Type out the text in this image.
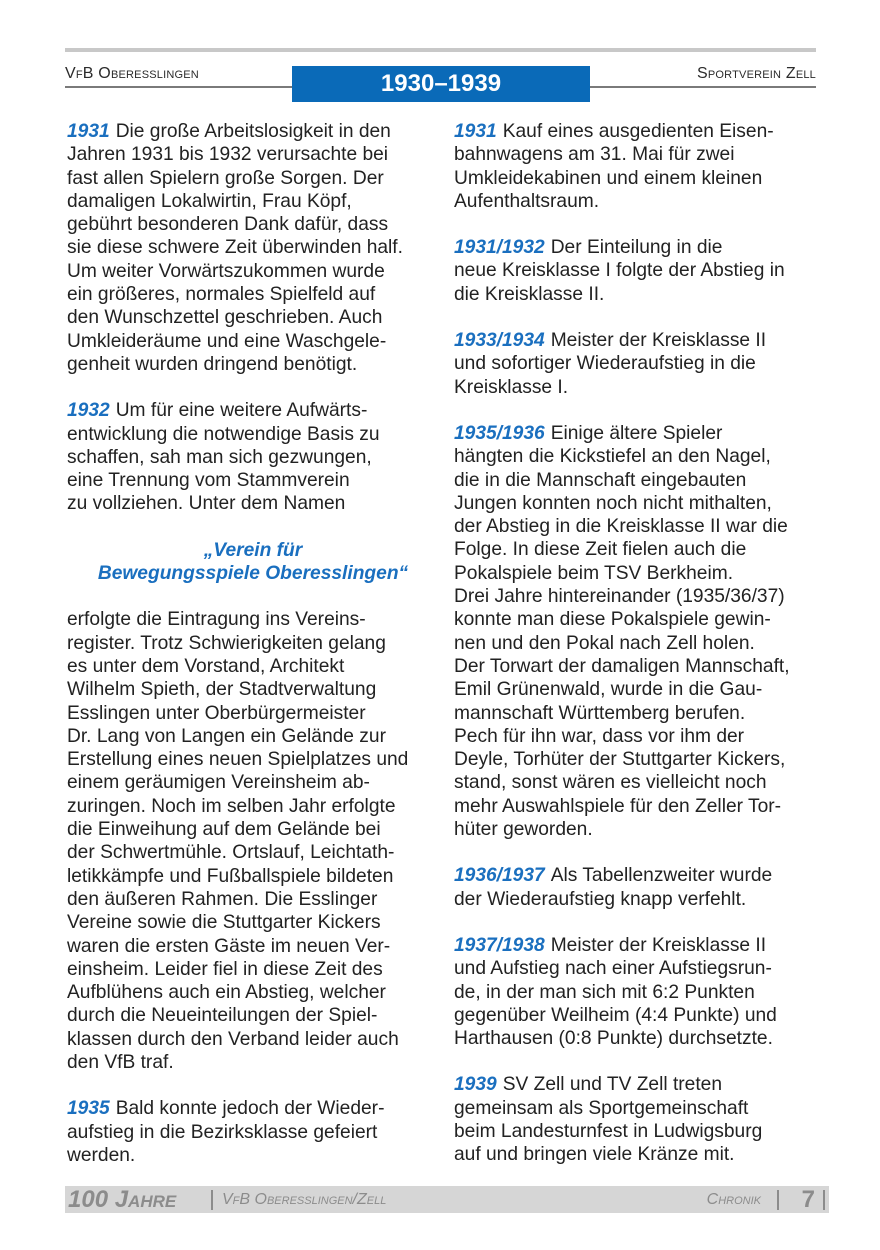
VfB Oberesslingen	1930–1939	Sportverein Zell
1931 Die große Arbeitslosigkeit in den
Jahren 1931 bis 1932 verursachte bei
fast allen Spielern große Sorgen. Der
damaligen Lokalwirtin, Frau Köpf,
gebührt besonderen Dank dafür, dass
sie diese schwere Zeit überwinden half.
Um weiter Vorwärtszukommen wurde
ein größeres, normales Spielfeld auf
den Wunschzettel geschrieben. Auch
Umkleideräume und eine Waschgele-
genheit wurden dringend benötigt.
1932 Um für eine weitere Aufwärts-
entwicklung die notwendige Basis zu
schaffen, sah man sich gezwungen,
eine Trennung vom Stammverein
zu vollziehen. Unter dem Namen
„Verein für
Bewegungsspiele Oberesslingen“
erfolgte die Eintragung ins Vereins-
register. Trotz Schwierigkeiten gelang
es unter dem Vorstand, Architekt
Wilhelm Spieth, der Stadtverwaltung
Esslingen unter Oberbürgermeister
Dr. Lang von Langen ein Gelände zur
Erstellung eines neuen Spielplatzes und
einem geräumigen Vereinsheim ab-
zuringen. Noch im selben Jahr erfolgte
die Einweihung auf dem Gelände bei
der Schwertmühle. Ortslauf, Leichtath-
letikkämpfe und Fußballspiele bildeten
den äußeren Rahmen. Die Esslinger
Vereine sowie die Stuttgarter Kickers
waren die ersten Gäste im neuen Ver-
einsheim. Leider fiel in diese Zeit des
Aufblühens auch ein Abstieg, welcher
durch die Neueinteilungen der Spiel-
klassen durch den Verband leider auch
den VfB traf.
1935 Bald konnte jedoch der Wieder-
aufstieg in die Bezirksklasse gefeiert
werden.
1931 Kauf eines ausgedienten Eisen-
bahnwagens am 31. Mai für zwei
Umkleidekabinen und einem kleinen
Aufenthaltsraum.
1931/1932 Der Einteilung in die
neue Kreisklasse I folgte der Abstieg in
die Kreisklasse II.
1933/1934 Meister der Kreisklasse II
und sofortiger Wiederaufstieg in die
Kreisklasse I.
1935/1936 Einige ältere Spieler
hängten die Kickstiefel an den Nagel,
die in die Mannschaft eingebauten
Jungen konnten noch nicht mithalten,
der Abstieg in die Kreisklasse II war die
Folge. In diese Zeit fielen auch die
Pokalspiele beim TSV Berkheim.
Drei Jahre hintereinander (1935/36/37)
konnte man diese Pokalspiele gewin-
nen und den Pokal nach Zell holen.
Der Torwart der damaligen Mannschaft,
Emil Grünenwald, wurde in die Gau-
mannschaft Württemberg berufen.
Pech für ihn war, dass vor ihm der
Deyle, Torhüter der Stuttgarter Kickers,
stand, sonst wären es vielleicht noch
mehr Auswahlspiele für den Zeller Tor-
hüter geworden.
1936/1937 Als Tabellenzweiter wurde
der Wiederaufstieg knapp verfehlt.
1937/1938 Meister der Kreisklasse II
und Aufstieg nach einer Aufstiegsrun-
de, in der man sich mit 6:2 Punkten
gegenüber Weilheim (4:4 Punkte) und
Harthausen (0:8 Punkte) durchsetzte.
1939 SV Zell und TV Zell treten
gemeinsam als Sportgemeinschaft
beim Landesturnfest in Ludwigsburg
auf und bringen viele Kränze mit.
100 Jahre	VfB Oberesslingen/Zell	Chronik 7
